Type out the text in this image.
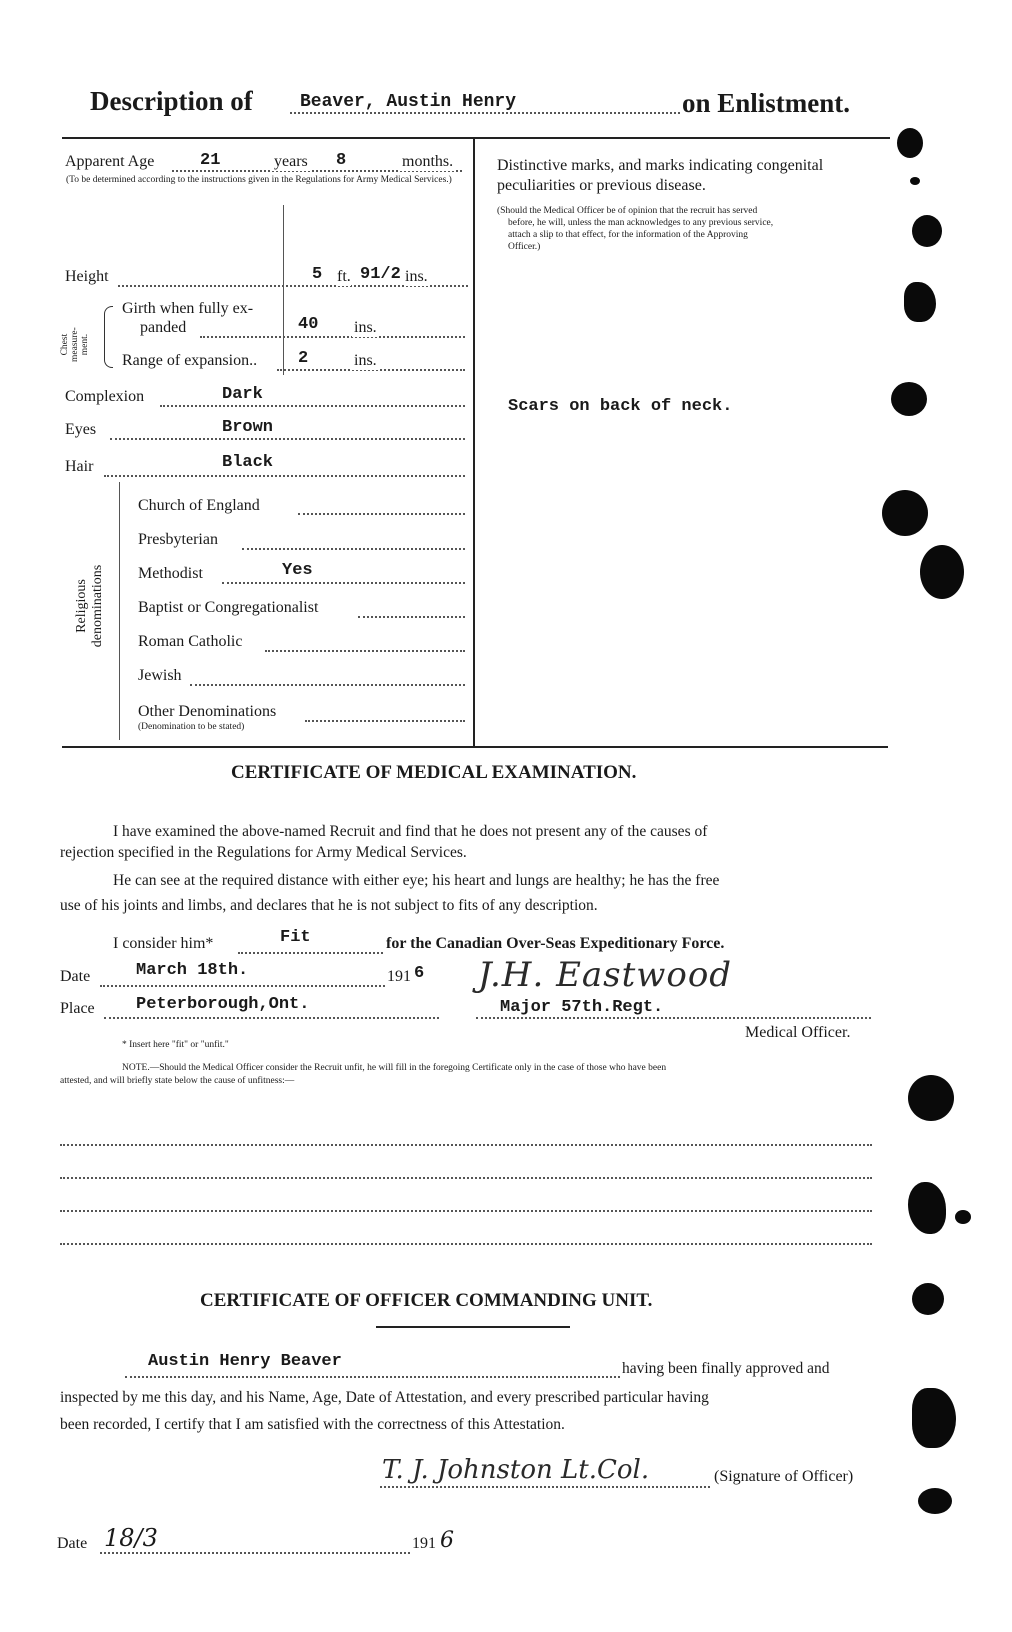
Description of	Beaver, Austin Henry	on Enlistment.
Apparent Age	21	years 8	months.
(To be determined according to the instructions given in the Regulations for Army Medical Services.)
Height	5 ft. 91/2 ins.
Chest measure- ment.
Girth when fully ex-
panded	40 ins.
Range of expansion.. 2	ins.
Complexion	Dark
Eyes	Brown
Hair	Black
Religious denominations
Church of England
Presbyterian
Methodist	Yes
Baptist or Congregationalist
Roman Catholic
Jewish
Other Denominations
(Denomination to be stated)
Distinctive marks, and marks indicating congenital
peculiarities or previous disease.
(Should the Medical Officer be of opinion that the recruit has served
before, he will, unless the man acknowledges to any previous service,
attach a slip to that effect, for the information of the Approving
Officer.)
Scars on back of neck.
CERTIFICATE OF MEDICAL EXAMINATION.
I have examined the above-named Recruit and find that he does not present any of the causes of
rejection specified in the Regulations for Army Medical Services.
He can see at the required distance with either eye; his heart and lungs are healthy; he has the free
use of his joints and limbs, and declares that he is not subject to fits of any description.
I consider him*	Fit	for the Canadian Over-Seas Expeditionary Force.
Date	March 18th.	191 6 J.H. Eastwood
Place Peterborough,Ont.	Major 57th.Regt.
Medical Officer.
* Insert here "fit" or "unfit."
NOTE.—Should the Medical Officer consider the Recruit unfit, he will fill in the foregoing Certificate only in the case of those who have been
attested, and will briefly state below the cause of unfitness:—
CERTIFICATE OF OFFICER COMMANDING UNIT.
Austin Henry Beaver	having been finally approved and
inspected by me this day, and his Name, Age, Date of Attestation, and every prescribed particular having
been recorded, I certify that I am satisfied with the correctness of this Attestation.
T. J. Johnston Lt.Col.	(Signature of Officer)
Date 18/3	191 6
